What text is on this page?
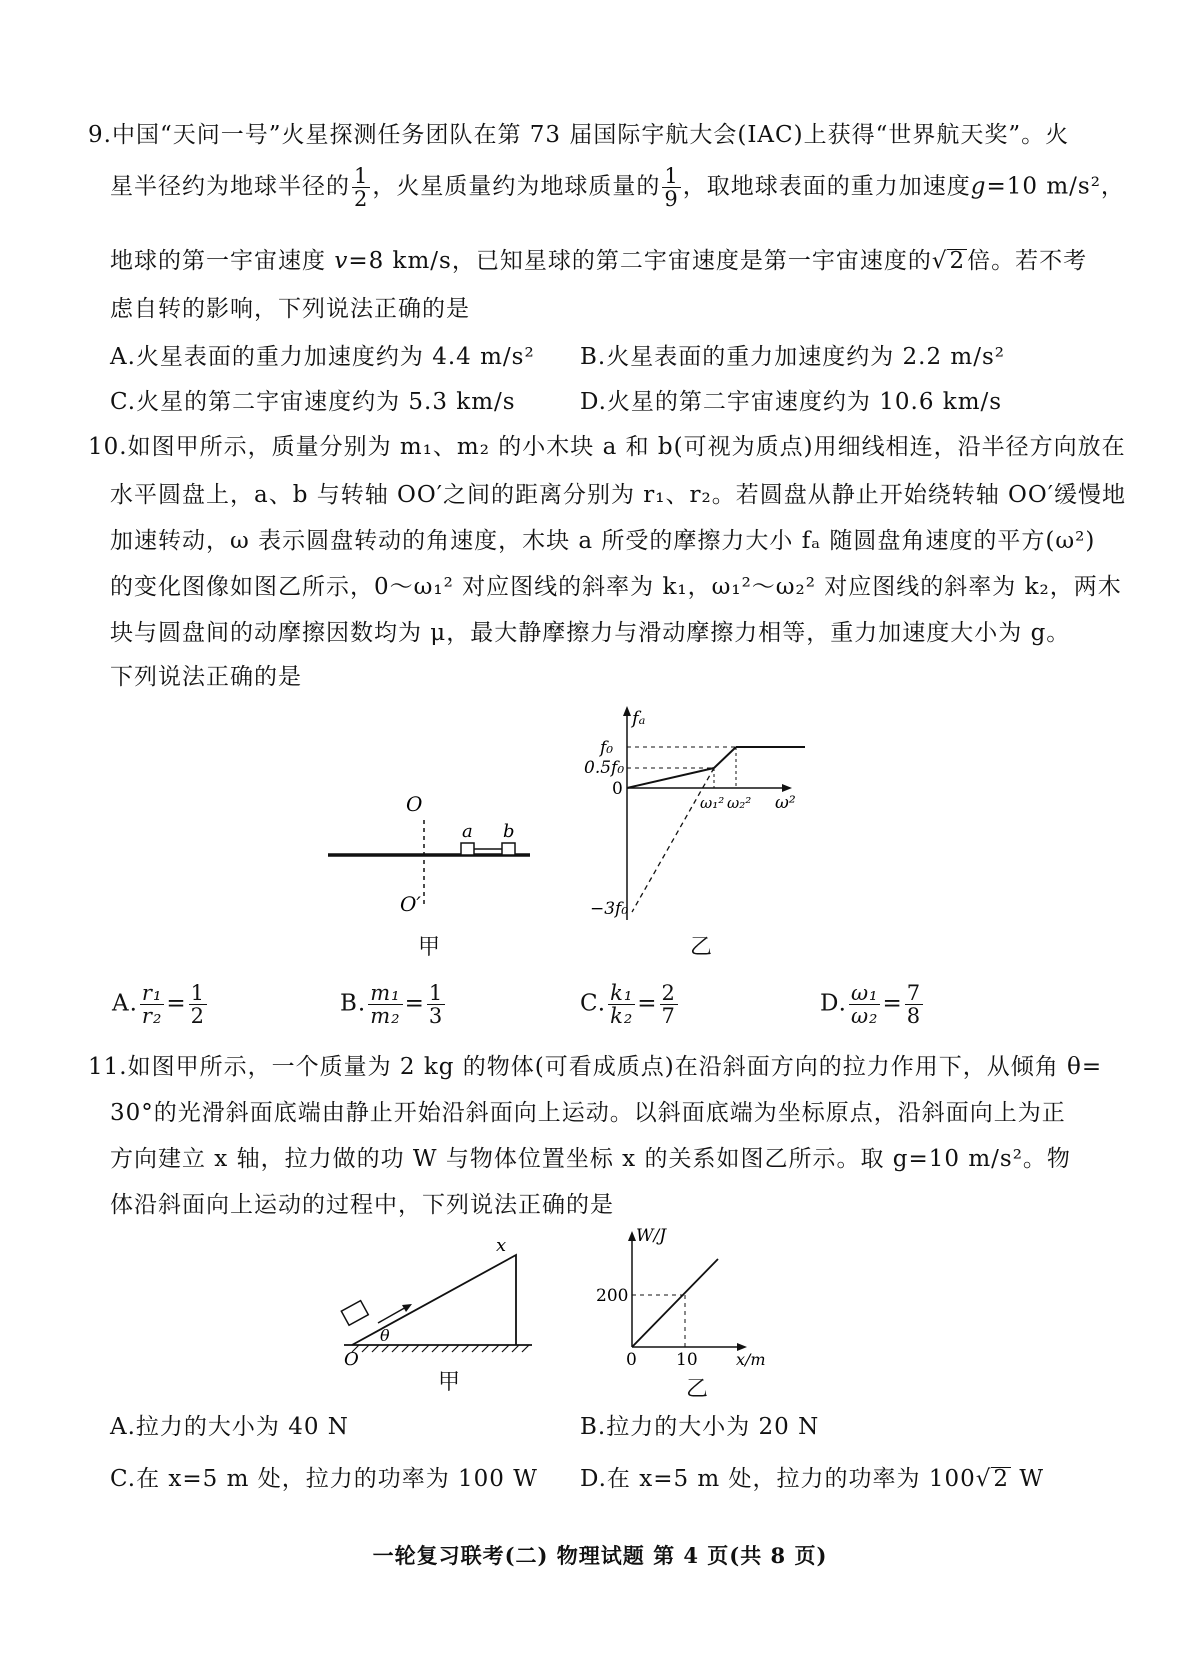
9.中国“天问一号”火星探测任务团队在第 73 届国际宇航大会(IAC)上获得“世界航天奖”。火
星半径约为地球半径的 $\frac{1}{2}$ ，火星质量约为地球质量的 $\frac{1}{9}$ ，取地球表面的重力加速度g=10 m/s²，
地球的第一宇宙速度 v=8 km/s，已知星球的第二宇宙速度是第一宇宙速度的√2倍。若不考
虑自转的影响，下列说法正确的是
A.火星表面的重力加速度约为 4.4 m/s² B.火星表面的重力加速度约为 2.2 m/s²
C.火星的第二宇宙速度约为 5.3 km/s	D.火星的第二宇宙速度约为 10.6 km/s
10.如图甲所示，质量分别为 m₁、m₂ 的小木块 a 和 b(可视为质点)用细线相连，沿半径方向放在
水平圆盘上，a、b 与转轴 OO′之间的距离分别为 r₁、r₂。若圆盘从静止开始绕转轴 OO′缓慢地
加速转动，ω 表示圆盘转动的角速度，木块 a 所受的摩擦力大小 fₐ 随圆盘角速度的平方(ω²)
的变化图像如图乙所示，0～ω₁² 对应图线的斜率为 k₁，ω₁²～ω₂² 对应图线的斜率为 k₂，两木
块与圆盘间的动摩擦因数均为 μ，最大静摩擦力与滑动摩擦力相等，重力加速度大小为 g。
下列说法正确的是
O
O′
a b
甲
fₐ
f₀
0.5f₀
0
ω₁² ω₂² ω²
−3f₀
乙
A. $\frac{\text{r₁}}{\text{r₂}} = \frac{1}{2}$	B. $\frac{\text{m₁}}{\text{m₂}} = \frac{1}{3}$	C. $\frac{\text{k₁}}{\text{k₂}} = \frac{2}{7}$	D. $\frac{\text{ω₁}}{\text{ω₂}} = \frac{7}{8}$
11.如图甲所示，一个质量为 2 kg 的物体(可看成质点)在沿斜面方向的拉力作用下，从倾角 θ=
30°的光滑斜面底端由静止开始沿斜面向上运动。以斜面底端为坐标原点，沿斜面向上为正
方向建立 x 轴，拉力做的功 W 与物体位置坐标 x 的关系如图乙所示。取 g=10 m/s²。物
体沿斜面向上运动的过程中，下列说法正确的是
x
θ
O
甲
W/J
200
0 10 x/m
乙
A.拉力的大小为 40 N	B.拉力的大小为 20 N
C.在 x=5 m 处，拉力的功率为 100 W D.在 x=5 m 处，拉力的功率为 100√2 W
一轮复习联考(二) 物理试题 第 4 页(共 8 页)
